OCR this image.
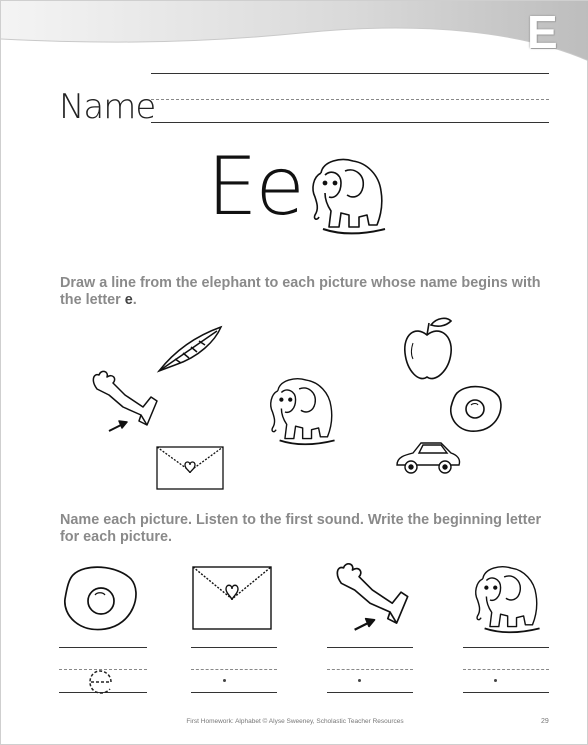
E
Name
Ee
Draw a line from the elephant to each picture whose name begins with the letter e.
Name each picture. Listen to the first sound. Write the beginning letter for each picture.
First Homework: Alphabet © Alyse Sweeney, Scholastic Teacher Resources	29
